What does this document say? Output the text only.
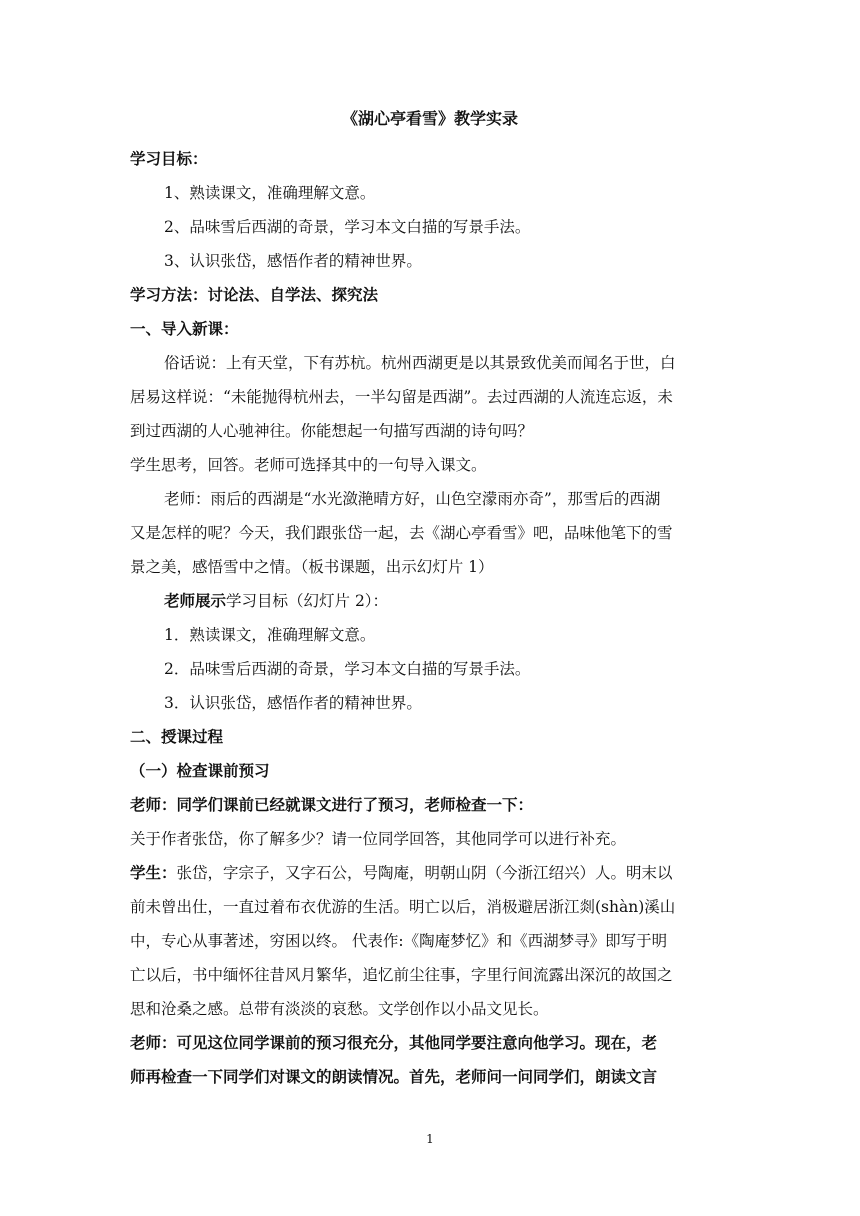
《湖心亭看雪》教学实录
学习目标：
1、熟读课文，准确理解文意。
2、品味雪后西湖的奇景，学习本文白描的写景手法。
3、认识张岱，感悟作者的精神世界。
学习方法：讨论法、自学法、探究法
一、导入新课：
俗话说：上有天堂，下有苏杭。杭州西湖更是以其景致优美而闻名于世，白
居易这样说：“未能抛得杭州去，一半勾留是西湖”。去过西湖的人流连忘返，未
到过西湖的人心驰神往。你能想起一句描写西湖的诗句吗？
学生思考，回答。老师可选择其中的一句导入课文。
老师：雨后的西湖是“水光潋滟晴方好，山色空濛雨亦奇”，那雪后的西湖
又是怎样的呢？今天，我们跟张岱一起，去《湖心亭看雪》吧，品味他笔下的雪
景之美，感悟雪中之情。（板书课题，出示幻灯片 1）
老师展示学习目标（幻灯片 2）：
1．熟读课文，准确理解文意。
2．品味雪后西湖的奇景，学习本文白描的写景手法。
3．认识张岱，感悟作者的精神世界。
二、授课过程
（一）检查课前预习
老师：同学们课前已经就课文进行了预习，老师检查一下：
关于作者张岱，你了解多少？请一位同学回答，其他同学可以进行补充。
学生：张岱，字宗子，又字石公，号陶庵，明朝山阴（今浙江绍兴）人。明末以
前未曾出仕，一直过着布衣优游的生活。明亡以后，消极避居浙江剡(shàn)溪山
中，专心从事著述，穷困以终。 代表作:《陶庵梦忆》和《西湖梦寻》即写于明
亡以后，书中缅怀往昔风月繁华，追忆前尘往事，字里行间流露出深沉的故国之
思和沧桑之感。总带有淡淡的哀愁。文学创作以小品文见长。
老师：可见这位同学课前的预习很充分，其他同学要注意向他学习。现在，老
师再检查一下同学们对课文的朗读情况。首先，老师问一问同学们，朗读文言
1
